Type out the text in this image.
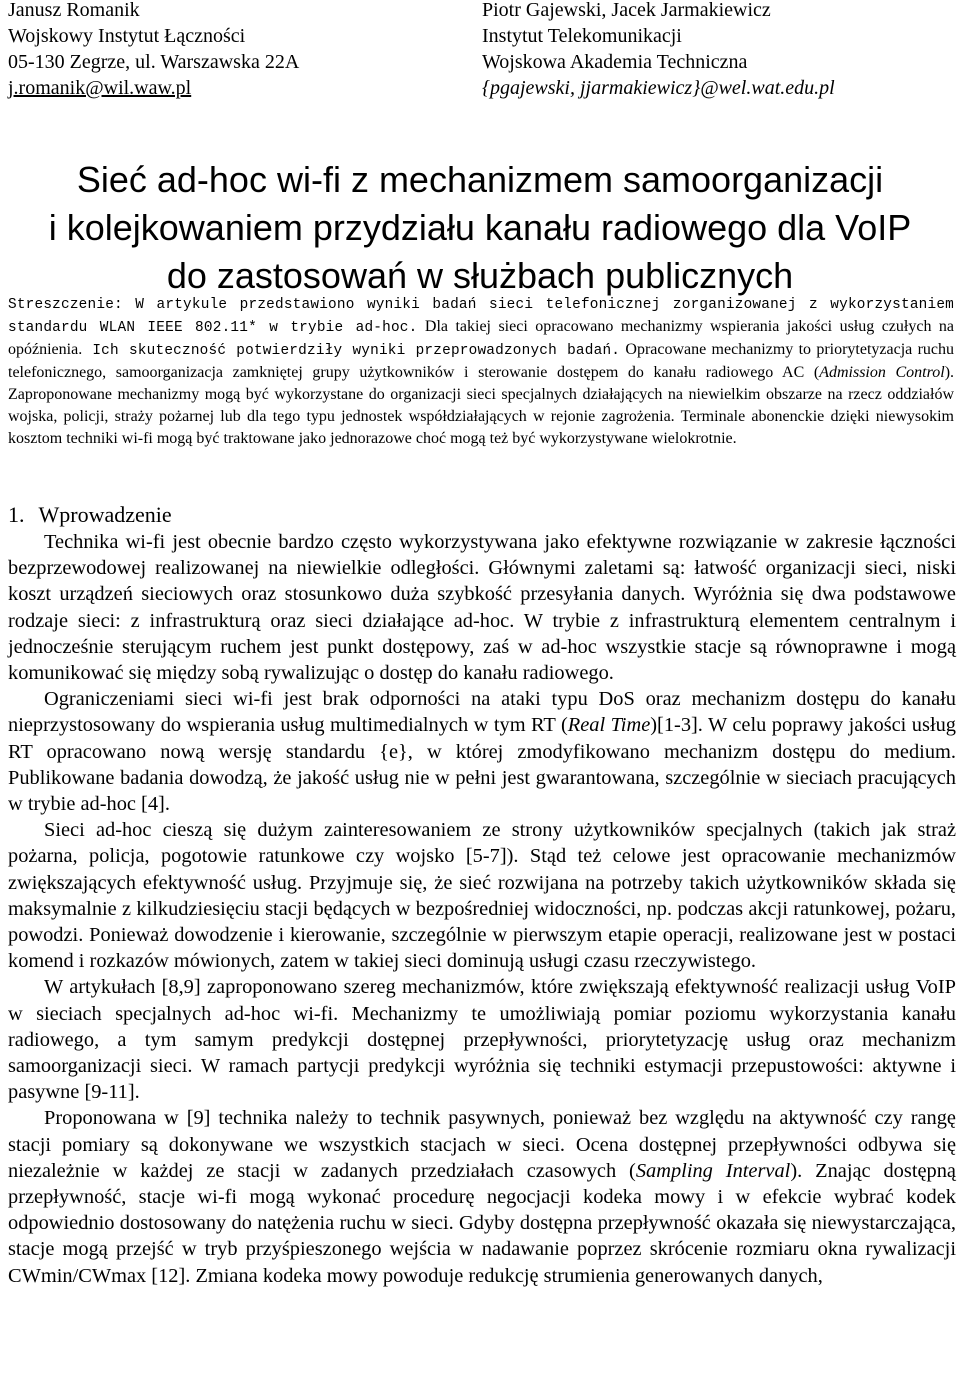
Janusz Romanik
Wojskowy Instytut Łączności
05-130 Zegrze, ul. Warszawska 22A
j.romanik@wil.waw.pl
Piotr Gajewski, Jacek Jarmakiewicz
Instytut Telekomunikacji
Wojskowa Akademia Techniczna
{pgajewski, jjarmakiewicz}@wel.wat.edu.pl
Sieć ad-hoc wi-fi z mechanizmem samoorganizacji
i kolejkowaniem przydziału kanału radiowego dla VoIP
do zastosowań w służbach publicznych
Streszczenie: W artykule przedstawiono wyniki badań sieci telefonicznej zorganizowanej z wykorzystaniem standardu WLAN IEEE 802.11* w trybie ad-hoc. Dla takiej sieci opracowano mechanizmy wspierania jakości usług czułych na opóźnienia. Ich skuteczność potwierdziły wyniki przeprowadzonych badań. Opracowane mechanizmy to priorytetyzacja ruchu telefonicznego, samoorganizacja zamkniętej grupy użytkowników i sterowanie dostępem do kanału radiowego AC (Admission Control). Zaproponowane mechanizmy mogą być wykorzystane do organizacji sieci specjalnych działających na niewielkim obszarze na rzecz oddziałów wojska, policji, straży pożarnej lub dla tego typu jednostek współdziałających w rejonie zagrożenia. Terminale abonenckie dzięki niewysokim kosztom techniki wi-fi mogą być traktowane jako jednorazowe choć mogą też być wykorzystywane wielokrotnie.
1. Wprowadzenie

Technika wi-fi jest obecnie bardzo często wykorzystywana jako efektywne rozwiązanie w zakresie łączności bezprzewodowej realizowanej na niewielkie odległości. Głównymi zaletami są: łatwość organizacji sieci, niski koszt urządzeń sieciowych oraz stosunkowo duża szybkość przesyłania danych. Wyróżnia się dwa podstawowe rodzaje sieci: z infrastrukturą oraz sieci działające ad-hoc. W trybie z infrastrukturą elementem centralnym i jednocześnie sterującym ruchem jest punkt dostępowy, zaś w ad-hoc wszystkie stacje są równoprawne i mogą komunikować się między sobą rywalizując o dostęp do kanału radiowego.

Ograniczeniami sieci wi-fi jest brak odporności na ataki typu DoS oraz mechanizm dostępu do kanału nieprzystosowany do wspierania usług multimedialnych w tym RT (Real Time)[1-3]. W celu poprawy jakości usług RT opracowano nową wersję standardu {e}, w której zmodyfikowano mechanizm dostępu do medium. Publikowane badania dowodzą, że jakość usług nie w pełni jest gwarantowana, szczególnie w sieciach pracujących w trybie ad-hoc [4].

Sieci ad-hoc cieszą się dużym zainteresowaniem ze strony użytkowników specjalnych (takich jak straż pożarna, policja, pogotowie ratunkowe czy wojsko [5-7]). Stąd też celowe jest opracowanie mechanizmów zwiększających efektywność usług. Przyjmuje się, że sieć rozwijana na potrzeby takich użytkowników składa się maksymalnie z kilkudziesięciu stacji będących w bezpośredniej widoczności, np. podczas akcji ratunkowej, pożaru, powodzi. Ponieważ dowodzenie i kierowanie, szczególnie w pierwszym etapie operacji, realizowane jest w postaci komend i rozkazów mówionych, zatem w takiej sieci dominują usługi czasu rzeczywistego.

W artykułach [8,9] zaproponowano szereg mechanizmów, które zwiększają efektywność realizacji usług VoIP w sieciach specjalnych ad-hoc wi-fi. Mechanizmy te umożliwiają pomiar poziomu wykorzystania kanału radiowego, a tym samym predykcji dostępnej przepływności, priorytetyzację usług oraz mechanizm samoorganizacji sieci. W ramach partycji predykcji wyróżnia się techniki estymacji przepustowości: aktywne i pasywne [9-11].

Proponowana w [9] technika należy to technik pasywnych, ponieważ bez względu na aktywność czy rangę stacji pomiary są dokonywane we wszystkich stacjach w sieci. Ocena dostępnej przepływności odbywa się niezależnie w każdej ze stacji w zadanych przedziałach czasowych (Sampling Interval). Znając dostępną przepływność, stacje wi-fi mogą wykonać procedurę negocjacji kodeka mowy i w efekcie wybrać kodek odpowiednio dostosowany do natężenia ruchu w sieci. Gdyby dostępna przepływność okazała się niewystarczająca, stacje mogą przejść w tryb przyśpieszonego wejścia w nadawanie poprzez skrócenie rozmiaru okna rywalizacji CWmin/CWmax [12]. Zmiana kodeka mowy powoduje redukcję strumienia generowanych danych,
